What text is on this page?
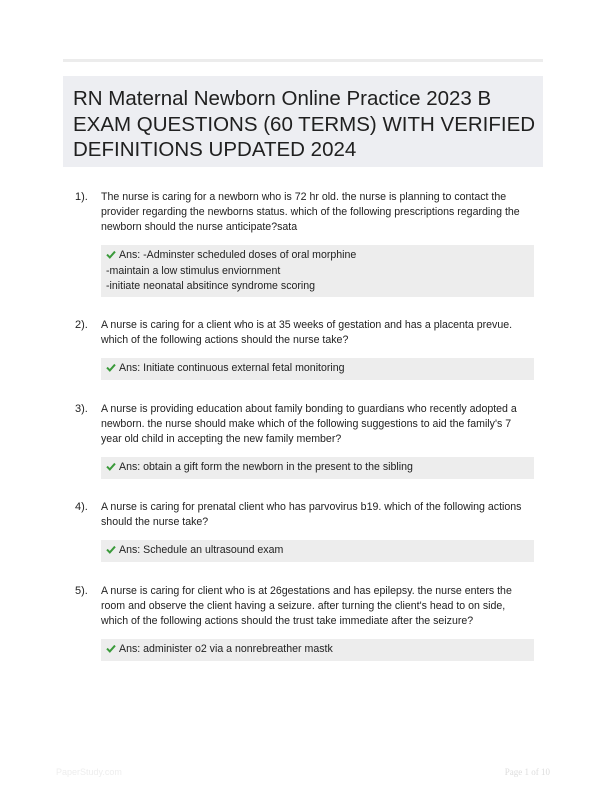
RN Maternal Newborn Online Practice 2023 B
EXAM QUESTIONS (60 TERMS) WITH VERIFIED
DEFINITIONS UPDATED 2024
1). The nurse is caring for a newborn who is 72 hr old. the nurse is planning to contact the
provider regarding the newborns status. which of the following prescriptions regarding the
newborn should the nurse anticipate?sata
Ans: -Adminster scheduled doses of oral morphine
-maintain a low stimulus enviornment
-initiate neonatal absitince syndrome scoring
2). A nurse is caring for a client who is at 35 weeks of gestation and has a placenta prevue.
which of the following actions should the nurse take?
Ans: Initiate continuous external fetal monitoring
3). A nurse is providing education about family bonding to guardians who recently adopted a
newborn. the nurse should make which of the following suggestions to aid the family's 7
year old child in accepting the new family member?
Ans: obtain a gift form the newborn in the present to the sibling
4). A nurse is caring for prenatal client who has parvovirus b19. which of the following actions
should the nurse take?
Ans: Schedule an ultrasound exam
5). A nurse is caring for client who is at 26gestations and has epilepsy. the nurse enters the
room and observe the client having a seizure. after turning the client's head to on side,
which of the following actions should the trust take immediate after the seizure?
Ans: administer o2 via a nonrebreather mastk
PaperStudy.com	Page 1 of 10
